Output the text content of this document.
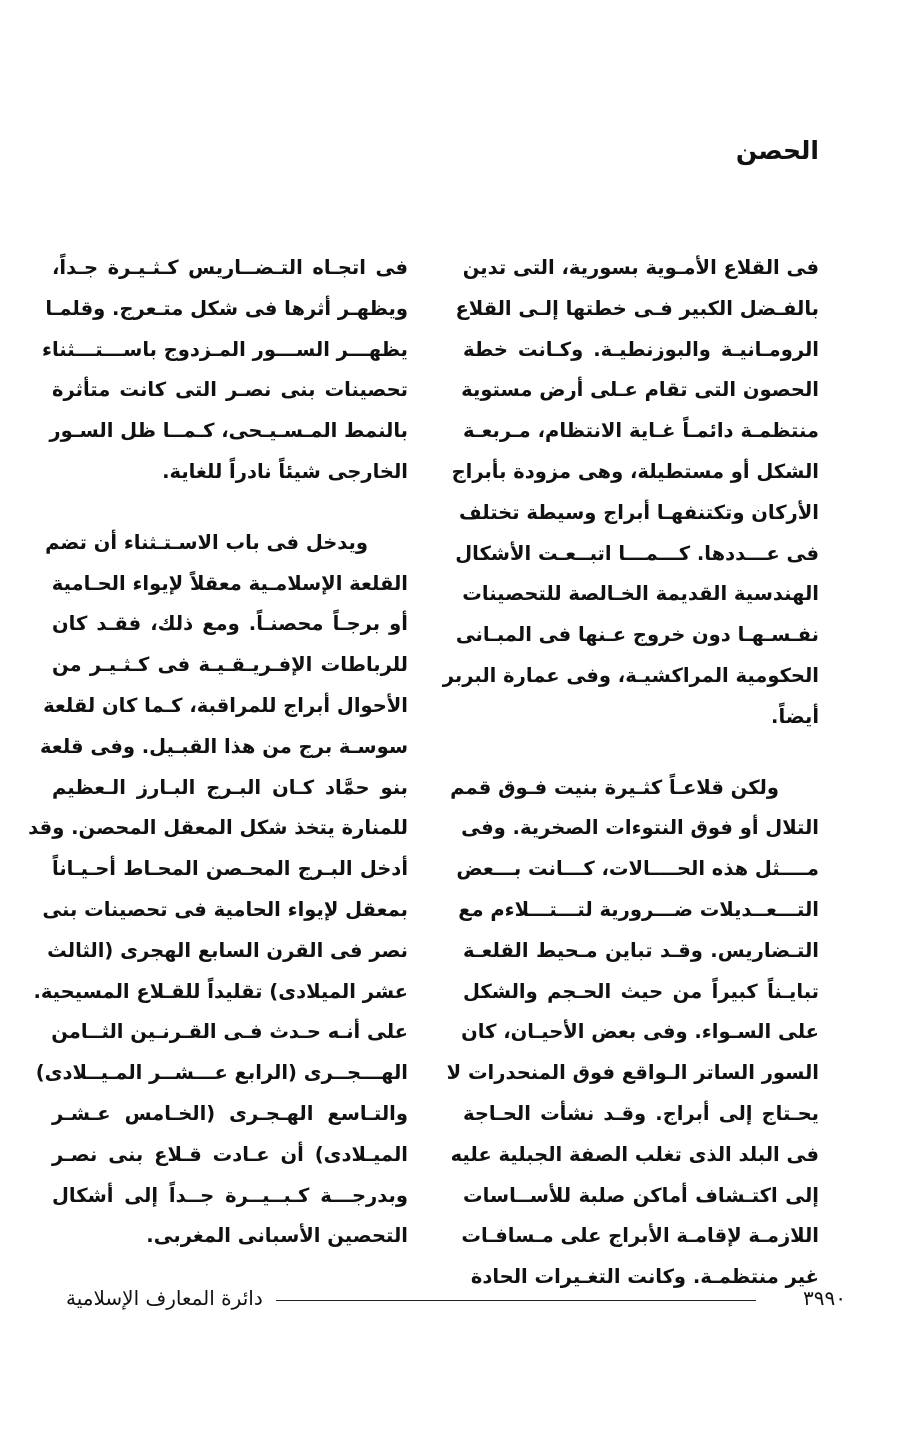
الحصن
فى القلاع الأمـوية بسورية، التى تدين
بالفـضل الكبير فـى خطتها إلـى القلاع
الرومـانيـة والبوزنطيـة. وكـانت خطة
الحصون التى تقام عـلى أرض مستوية
منتظمـة دائمـاً غـاية الانتظام، مـربعـة
الشكل أو مستطيلة، وهى مزودة بأبراج
الأركان وتكتنفهـا أبراج وسيطة تختلف
فى عـــددها. كـــمـــا اتبــعـت الأشكال
الهندسية القديمة الخـالصة للتحصينات
نفـسـهـا دون خروج عـنها فى المبـانى
الحكومية المراكشيـة، وفى عمارة البربر
أيضاً.
ولكن قلاعـاً كثـيرة بنيت فـوق قمم
التلال أو فوق النتوءات الصخرية. وفى
مــــثل هذه الحــــالات، كـــانت بـــعض
التـــعــديلات ضـــرورية لتـــتـــلاءم مع
التـضاريس. وقـد تباين مـحيط القلعـة
تبايـناً كبيراً من حيث الحـجم والشكل
على السـواء. وفى بعض الأحيـان، كان
السور الساتر الـواقع فوق المنحدرات لا
يحـتاج إلى أبراج. وقـد نشأت الحـاجة
فى البلد الذى تغلب الصفة الجبلية عليه
إلى اكتـشاف أماكن صلبة للأســاسات
اللازمـة لإقامـة الأبراج على مـسافـات
غير منتظمـة. وكانت التغـيرات الحادة
فى اتجـاه التـضــاريس كـثـيـرة جـداً،
ويظهـر أثرها فى شكل متـعرج. وقلمـا
يظهـــر الســـور المـزدوج باســـتـــثناء
تحصينات بنى نصـر التى كانت متأثرة
بالنمط المـسـيـحى، كـمــا ظل السـور
الخارجى شيئاً نادراً للغاية.
ويدخل فى باب الاسـتـثناء أن تضم
القلعة الإسلامـية معقلاً لإيواء الحـامية
أو برجـاً محصنـاً. ومع ذلك، فقـد كان
للرباطات الإفـريـقـيـة فى كـثـيـر من
الأحوال أبراج للمراقبة، كـما كان لقلعة
سوسـة برج من هذا القبـيل. وفى قلعة
بنو حمَّاد كـان البـرج البـارز الـعظيم
للمنارة يتخذ شكل المعقل المحصن. وقد
أدخل البـرج المحـصن المحـاط أحـيـاناً
بمعقل لإيواء الحامية فى تحصينات بنى
نصر فى القرن السابع الهجرى (الثالث
عشر الميلادى) تقليداً للقـلاع المسيحية.
على أنـه حـدث فـى القـرنـين الثــامن
الهـــجــرى (الرابع عـــشــر المـيــلادى)
والتـاسع الهـجـرى (الخـامس عـشـر
الميـلادى) أن عـادت قـلاع بنى نصـر
وبدرجـــة كـبــيــرة جــداً إلى أشكال
التحصين الأسبانى المغربى.
دائرة المعارف الإسلامية	٣٩٩٠
